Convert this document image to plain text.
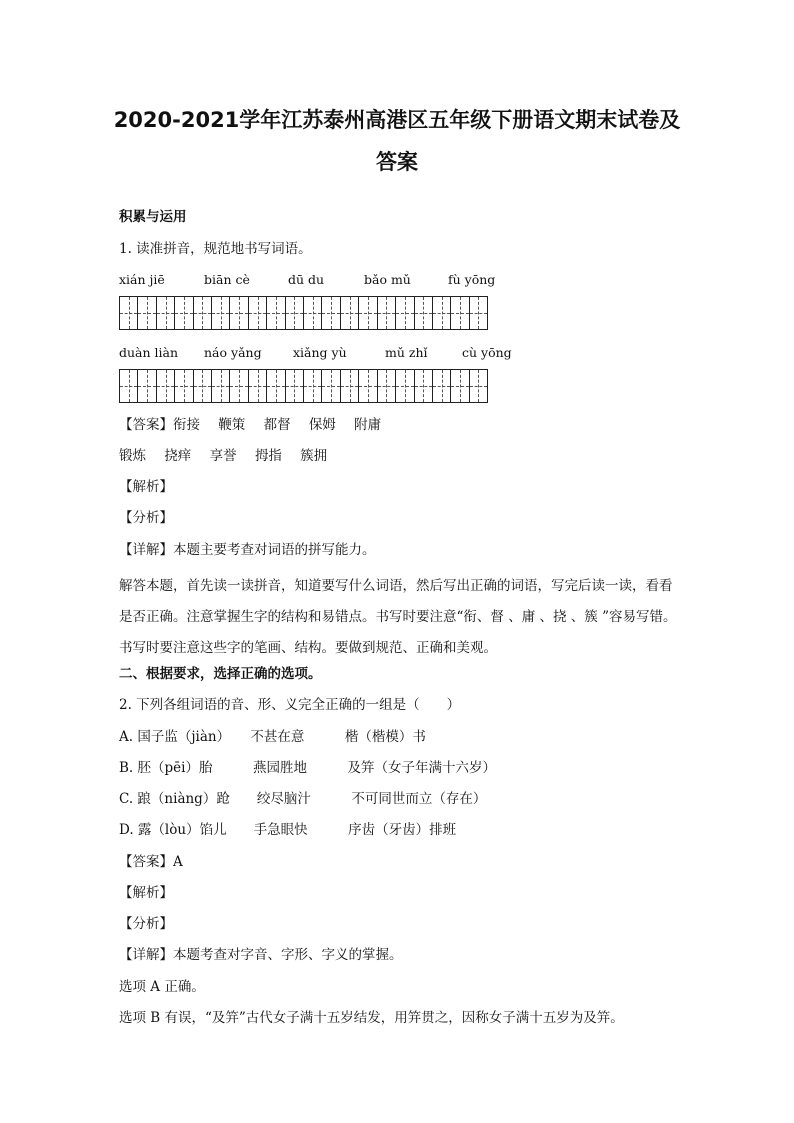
2020-2021学年江苏泰州高港区五年级下册语文期末试卷及
答案
积累与运用
1. 读准拼音，规范地书写词语。
xián jiē	biān cè	dū du	bǎo mǔ	fù yōng
duàn liàn náo yǎng	xiǎng yù	mǔ zhǐ	cù yōng
【答案】衔接 鞭策 都督 保姆 附庸
锻炼 挠痒 享誉 拇指 簇拥
【解析】
【分析】
【详解】本题主要考查对词语的拼写能力。
解答本题，首先读一读拼音，知道要写什么词语，然后写出正确的词语，写完后读一读，看看是否正确。注意掌握生字的结构和易错点。书写时要注意“衔、督 、庸 、挠 、簇 ”容易写错。书写时要注意这些字的笔画、结构。要做到规范、正确和美观。
二、根据要求，选择正确的选项。
2. 下列各组词语的音、形、义完全正确的一组是（　　）
A. 国子监（jiàn）　　不甚在意　　　楷（楷模）书
B. 胚（pēi）胎　　　燕园胜地　　　及笄（女子年满十六岁）
C. 踉（niàng）跄　　绞尽脑汁　　　不可同世而立（存在）
D. 露（lòu）馅儿　　手急眼快　　　序齿（牙齿）排班
【答案】A
【解析】
【分析】
【详解】本题考查对字音、字形、字义的掌握。
选项 A 正确。
选项 B 有误，“及笄”古代女子满十五岁结发，用笄贯之，因称女子满十五岁为及笄。
